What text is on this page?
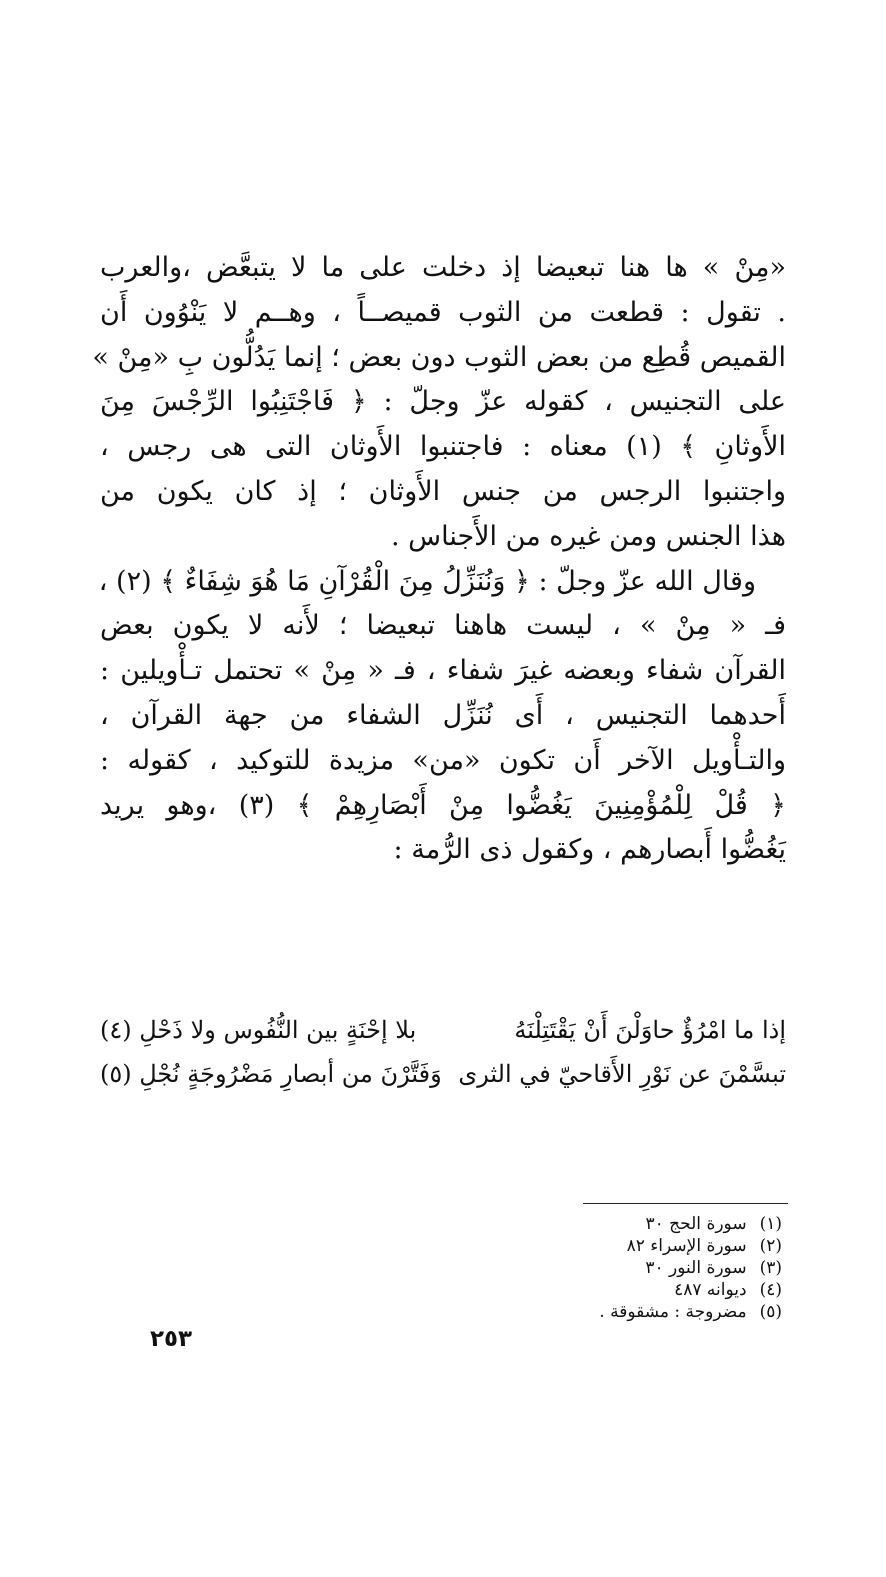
«مِنْ » ها هنا تبعيضا إذ دخلت على ما لا يتبعَّض ،والعرب
. تقول : قطعت من الثوب قميصــاً ، وهــم لا يَنْوُون أَن
القميص قُطِع من بعض الثوب دون بعض ؛ إنما يَدُلُّون بِ «مِنْ »
على التجنيس ، كقوله عزّ وجلّ : ﴿ فَاجْتَنِبُوا الرِّجْسَ مِنَ
الأَوثانِ ﴾ (١) معناه : فاجتنبوا الأَوثان التى هى رجس ،
واجتنبوا الرجس من جنس الأَوثان ؛ إذ كان يكون من
هذا الجنس ومن غيره من الأَجناس .
وقال الله عزّ وجلّ : ﴿ وَنُنَزِّلُ مِنَ الْقُرْآنِ مَا هُوَ شِفَاءٌ ﴾ (٢) ،
فـ « مِنْ » ، ليست هاهنا تبعيضا ؛ لأَنه لا يكون بعض
القرآن شفاء وبعضه غيرَ شفاء ، فـ « مِنْ » تحتمل تـأْويلين :
أَحدهما التجنيس ، أَى نُنَزِّل الشفاء من جهة القرآن ،
والتـأْويل الآخر أَن تكون «من» مزيدة للتوكيد ، كقوله :
﴿ قُلْ لِلْمُؤْمِنِينَ يَغُضُّوا مِنْ أَبْصَارِهِمْ ﴾ (٣) ،وهو يريد
يَغُضُّوا أَبصارهم ، وكقول ذى الرُّمة :
إذا ما امْرُؤٌ حاوَلْنَ أَنْ يَقْتَتِلْنَهُ
بلا إحْنَةٍ بين النُّفُوس ولا ذَحْلِ (٤)
تبسَّمْنَ عن نَوْرِ الأَقاحيّ في الثرى
وَفَتَّرْنَ من أبصارِ مَضْرُوجَةٍ نُجْلِ (٥)
(١) سورة الحج ٣٠
(٢) سورة الإسراء ٨٢
(٣) سورة النور ٣٠
(٤) ديوانه ٤٨٧
(٥) مضروجة : مشقوقة .
٢٥٣
